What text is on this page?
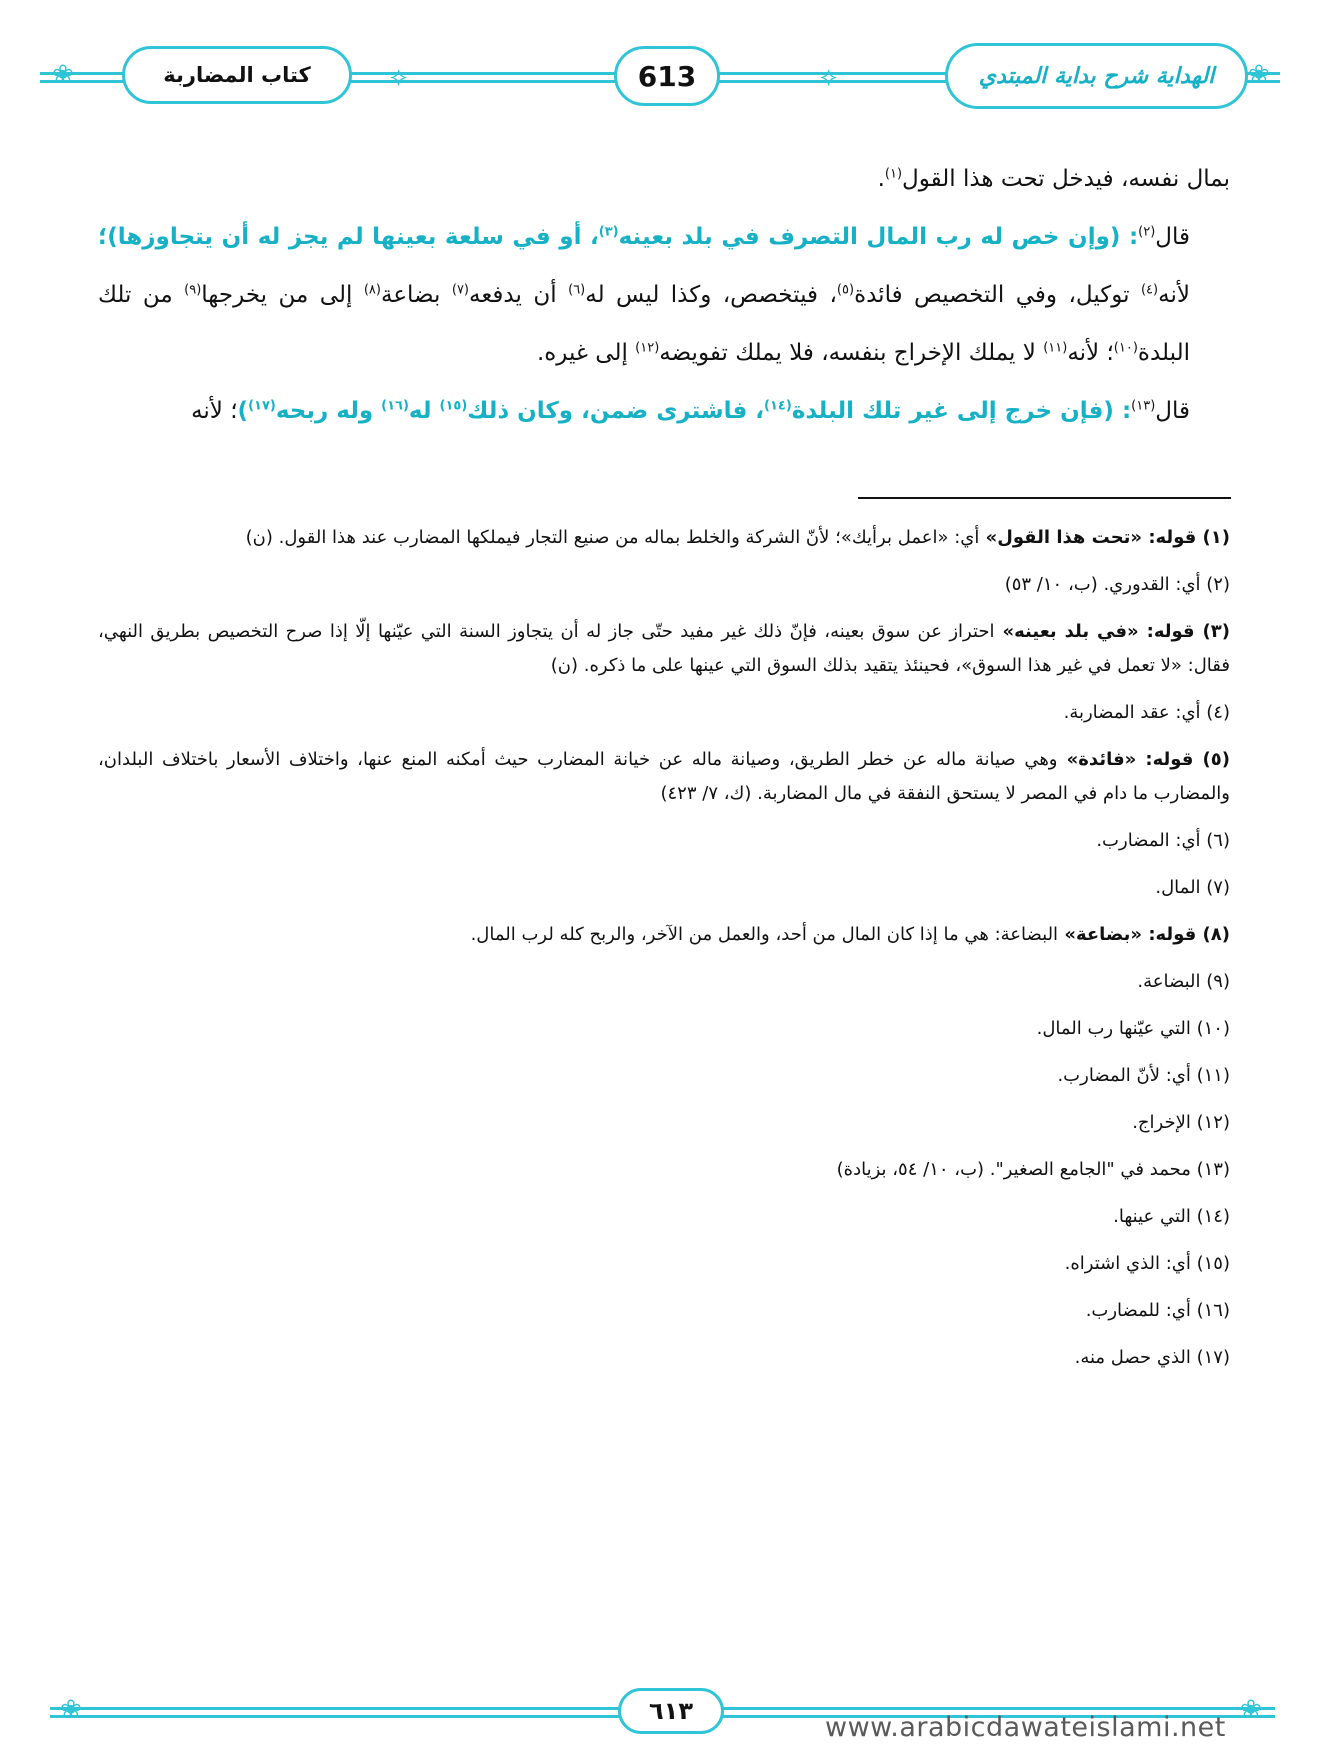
❀	❀
⟡	⟡
كتاب المضاربة	613	الهداية شرح بداية المبتدي

بمال نفسه، فيدخل تحت هذا القول$^{(١)}$.

قال$^{(٢)}$: (وإن خص له رب المال التصرف في بلد بعينه$^{(٣)}$، أو في سلعة بعينها لم يجز له أن يتجاوزها)؛ لأنه$^{(٤)}$ توكيل، وفي التخصيص فائدة$^{(٥)}$، فيتخصص، وكذا ليس له$^{(٦)}$ أن يدفعه$^{(٧)}$ بضاعة$^{(٨)}$ إلى من يخرجها$^{(٩)}$ من تلك البلدة$^{(١٠)}$؛ لأنه$^{(١١)}$ لا يملك الإخراج بنفسه، فلا يملك تفويضه$^{(١٢)}$ إلى غيره.

قال$^{(١٣)}$: (فإن خرج إلى غير تلك البلدة$^{(١٤)}$، فاشترى ضمن، وكان ذلك$^{(١٥)}$ له$^{(١٦)}$ وله ربحه$^{(١٧)}$)؛ لأنه

(١) قوله: «تحت هذا القول» أي: «اعمل برأيك»؛ لأنّ الشركة والخلط بماله من صنيع التجار فيملكها المضارب عند هذا القول. (ن)

(٢) أي: القدوري. (ب، ١٠/ ٥٣)

(٣) قوله: «في بلد بعينه» احتراز عن سوق بعينه، فإنّ ذلك غير مفيد حتّى جاز له أن يتجاوز السنة التي عيّنها إلّا إذا صرح التخصيص بطريق النهي، فقال: «لا تعمل في غير هذا السوق»، فحينئذ يتقيد بذلك السوق التي عينها على ما ذكره. (ن)

(٤) أي: عقد المضاربة.

(٥) قوله: «فائدة» وهي صيانة ماله عن خطر الطريق، وصيانة ماله عن خيانة المضارب حيث أمكنه المنع عنها، واختلاف الأسعار باختلاف البلدان، والمضارب ما دام في المصر لا يستحق النفقة في مال المضاربة. (ك، ٧/ ٤٢٣)

(٦) أي: المضارب.

(٧) المال.

(٨) قوله: «بضاعة» البضاعة: هي ما إذا كان المال من أحد، والعمل من الآخر، والربح كله لرب المال.

(٩) البضاعة.

(١٠) التي عيّنها رب المال.

(١١) أي: لأنّ المضارب.

(١٢) الإخراج.

(١٣) محمد في "الجامع الصغير". (ب، ١٠/ ٥٤، بزيادة)

(١٤) التي عينها.

(١٥) أي: الذي اشتراه.

(١٦) أي: للمضارب.

(١٧) الذي حصل منه.

❀	❀
٦١٣
www.arabicdawateislami.net
